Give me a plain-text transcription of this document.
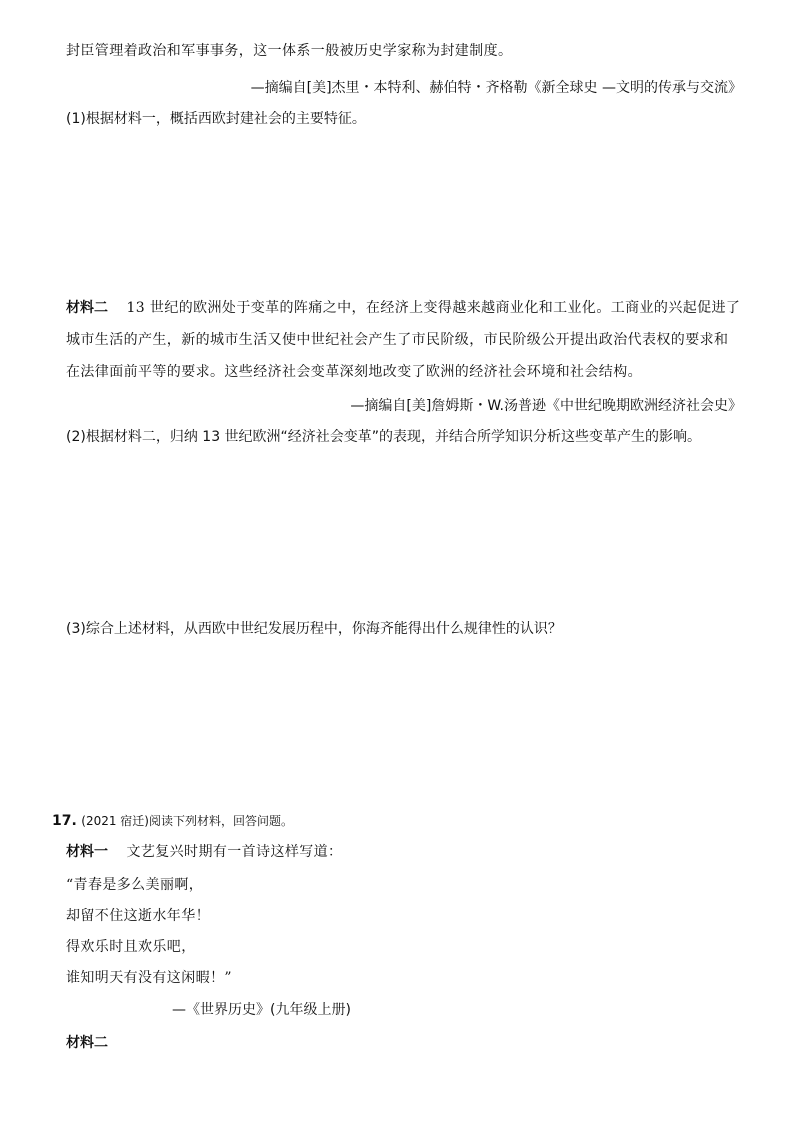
封臣管理着政治和军事事务，这一体系一般被历史学家称为封建制度。
—摘编自[美]杰里・本特利、赫伯特・齐格勒《新全球史 —文明的传承与交流》
(1)根据材料一，概括西欧封建社会的主要特征。
材料二 13 世纪的欧洲处于变革的阵痛之中，在经济上变得越来越商业化和工业化。工商业的兴起促进了
城市生活的产生，新的城市生活又使中世纪社会产生了市民阶级，市民阶级公开提出政治代表权的要求和
在法律面前平等的要求。这些经济社会变革深刻地改变了欧洲的经济社会环境和社会结构。
—摘编自[美]詹姆斯・W.汤普逊《中世纪晚期欧洲经济社会史》
(2)根据材料二，归纳 13 世纪欧洲“经济社会变革”的表现，并结合所学知识分析这些变革产生的影响。
(3)综合上述材料，从西欧中世纪发展历程中，你海齐能得出什么规律性的认识？
17. (2021 宿迁)阅读下列材料，回答问题。
材料一 文艺复兴时期有一首诗这样写道：
“青春是多么美丽啊，
却留不住这逝水年华！
得欢乐时且欢乐吧，
谁知明天有没有这闲暇！”
—《世界历史》(九年级上册)
材料二
